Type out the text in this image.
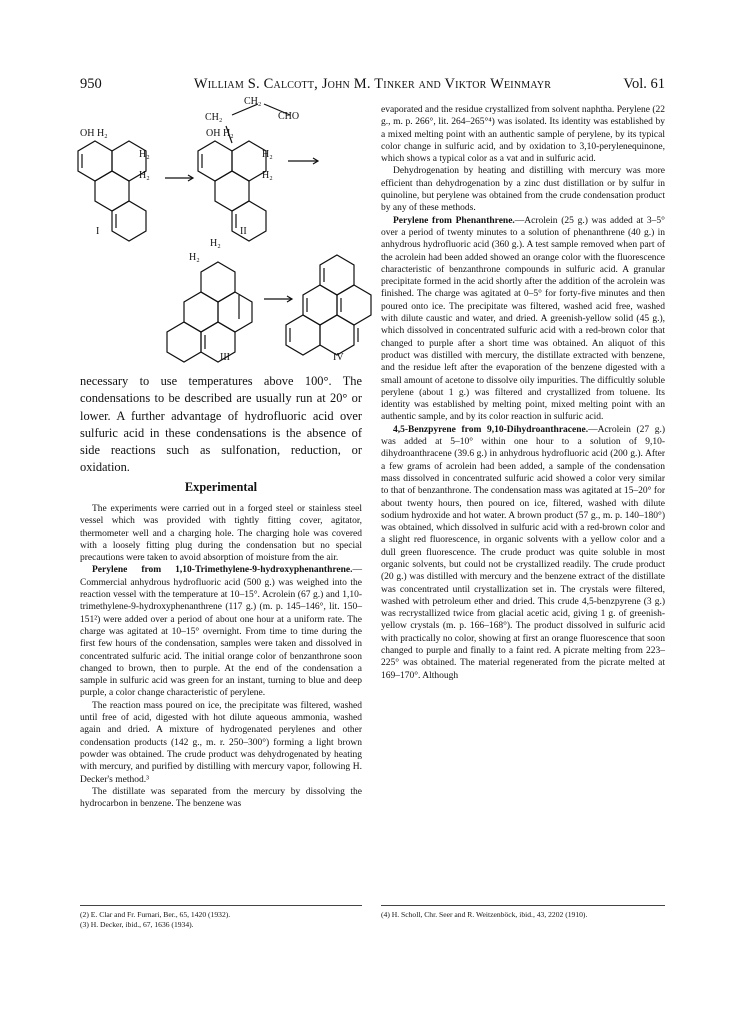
950	William S. Calcott, John M. Tinker and Viktor Weinmayr	Vol. 61
OH H₂
H₂
H₂
OH H₂
H₂
H₂
CH₂
CH₂
CHO
H₂
H₂
I	II
III	IV

necessary to use temperatures above 100°. The condensations to be described are usually run at 20° or lower. A further advantage of hydrofluoric acid over sulfuric acid in these condensations is the absence of side reactions such as sulfonation, reduction, or oxidation.

Experimental

The experiments were carried out in a forged steel or stainless steel vessel which was provided with tightly fitting cover, agitator, thermometer well and a charging hole. The charging hole was covered with a loosely fitting plug during the condensation but no special precautions were taken to avoid absorption of moisture from the air.

Perylene from 1,10-Trimethylene-9-hydroxyphenanthrene.—Commercial anhydrous hydrofluoric acid (500 g.) was weighed into the reaction vessel with the temperature at 10–15°. Acrolein (67 g.) and 1,10-trimethylene-9-hydroxyphenanthrene (117 g.) (m. p. 145–146°, lit. 150–151²) were added over a period of about one hour at a uniform rate. The charge was agitated at 10–15° overnight. From time to time during the first few hours of the condensation, samples were taken and dissolved in concentrated sulfuric acid. The initial orange color of benzanthrone soon changed to brown, then to purple. At the end of the condensation a sample in sulfuric acid was green for an instant, turning to blue and deep purple, a color change characteristic of perylene.

The reaction mass poured on ice, the precipitate was filtered, washed until free of acid, digested with hot dilute aqueous ammonia, washed again and dried. A mixture of hydrogenated perylenes and other condensation products (142 g., m. r. 250–300°) forming a light brown powder was obtained. The crude product was dehydrogenated by heating with mercury, and purified by distilling with mercury vapor, following H. Decker's method.³

The distillate was separated from the mercury by dissolving the hydrocarbon in benzene. The benzene was

evaporated and the residue crystallized from solvent naphtha. Perylene (22 g., m. p. 266°, lit. 264–265°⁴) was isolated. Its identity was established by a mixed melting point with an authentic sample of perylene, by its typical color change in sulfuric acid, and by oxidation to 3,10-perylenequinone, which shows a typical color as a vat and in sulfuric acid.

Dehydrogenation by heating and distilling with mercury was more efficient than dehydrogenation by a zinc dust distillation or by sulfur in quinoline, but perylene was obtained from the crude condensation product by any of these methods.

Perylene from Phenanthrene.—Acrolein (25 g.) was added at 3–5° over a period of twenty minutes to a solution of phenanthrene (40 g.) in anhydrous hydrofluoric acid (360 g.). A test sample removed when part of the acrolein had been added showed an orange color with the fluorescence characteristic of benzanthrone compounds in sulfuric acid. A granular precipitate formed in the acid shortly after the addition of the acrolein was finished. The charge was agitated at 0–5° for forty-five minutes and then poured onto ice. The precipitate was filtered, washed acid free, washed with dilute caustic and water, and dried. A greenish-yellow solid (45 g.), which dissolved in concentrated sulfuric acid with a red-brown color that changed to purple after a short time was obtained. An aliquot of this product was distilled with mercury, the distillate extracted with benzene, and the residue left after the evaporation of the benzene digested with a small amount of acetone to dissolve oily impurities. The difficultly soluble perylene (about 1 g.) was filtered and crystallized from toluene. Its identity was established by melting point, mixed melting point with an authentic sample, and by its color reaction in sulfuric acid.

4,5-Benzpyrene from 9,10-Dihydroanthracene.—Acrolein (27 g.) was added at 5–10° within one hour to a solution of 9,10-dihydroanthracene (39.6 g.) in anhydrous hydrofluoric acid (200 g.). After a few grams of acrolein had been added, a sample of the condensation mass dissolved in concentrated sulfuric acid showed a color very similar to that of benzanthrone. The condensation mass was agitated at 15–20° for about twenty hours, then poured on ice, filtered, washed with dilute sodium hydroxide and hot water. A brown product (57 g., m. p. 140–180°) was obtained, which dissolved in sulfuric acid with a red-brown color and a slight red fluorescence, in organic solvents with a yellow color and a dull green fluorescence. The crude product was quite soluble in most organic solvents, but could not be crystallized readily. The crude product (20 g.) was distilled with mercury and the benzene extract of the distillate was concentrated until crystallization set in. The crystals were filtered, washed with petroleum ether and dried. This crude 4,5-benzpyrene (3 g.) was recrystallized twice from glacial acetic acid, giving 1 g. of greenish-yellow crystals (m. p. 166–168°). The product dissolved in sulfuric acid with practically no color, showing at first an orange fluorescence that soon changed to purple and finally to a faint red. A picrate melting from 223–225° was obtained. The material regenerated from the picrate melted at 169–170°. Although

(2) E. Clar and Fr. Furnari, Ber., 65, 1420 (1932).
(3) H. Decker, ibid., 67, 1636 (1934).
(4) H. Scholl, Chr. Seer and R. Weitzenböck, ibid., 43, 2202 (1910).
